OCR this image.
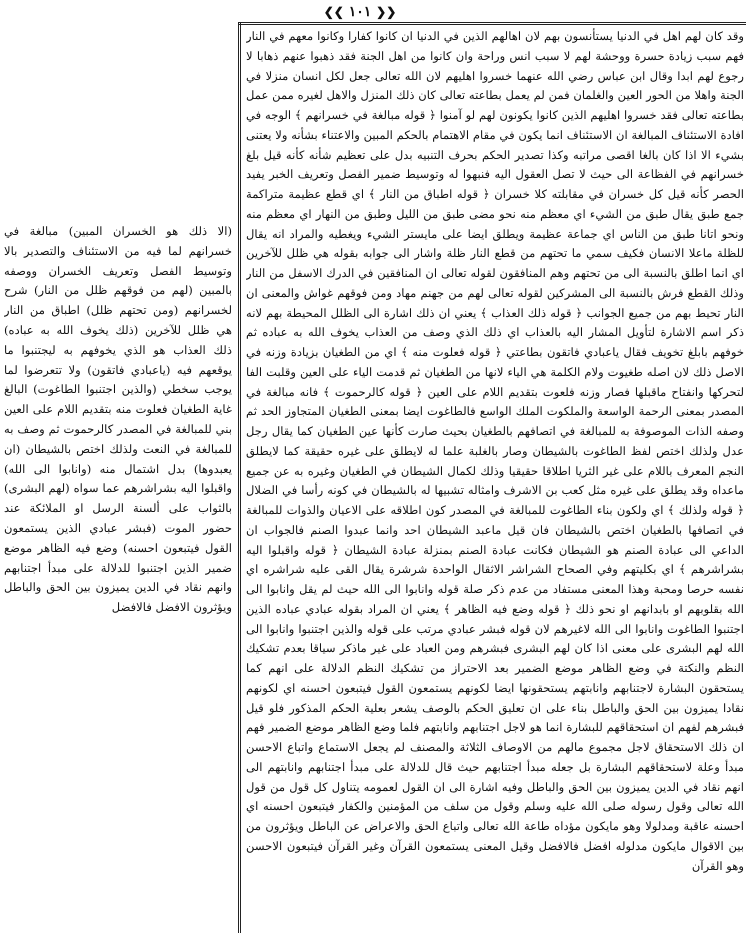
❮❮ ١٠١ ❯❯

وقد كان لهم اهل في الدنيا يستأنسون بهم لان اهالهم الذين في الدنيا ان كانوا كفارا وكانوا معهم في النار فهم سبب زيادة حسرة ووحشة لهم لا سبب انس وراحة وان كانوا من اهل الجنة فقد ذهبوا عنهم ذهابا لا رجوع لهم ابدا وقال ابن عباس رضي الله عنهما خسروا اهليهم لان الله تعالى جعل لكل انسان منزلا في الجنة واهلا من الحور العين والغلمان فمن لم يعمل بطاعته تعالى كان ذلك المنزل والاهل لغيره ممن عمل بطاعته تعالى فقد خسروا اهليهم الذين كانوا يكونون لهم لو آمنوا ﴿ قوله مبالغة في خسرانهم ﴾ الوجه في افادة الاستئناف المبالغة ان الاستئناف انما يكون في مقام الاهتمام بالحكم المبين والاعتناء بشأنه ولا يعتنى بشيء الا اذا كان بالغا اقصى مراتبه وكذا تصدير الحكم بحرف التنبيه بدل على تعظيم شأنه كأنه قيل بلغ خسرانهم في الفظاعة الى حيث لا تصل العقول اليه فنبهوا له وتوسيط ضمير الفصل وتعريف الخبر يفيد الحصر كأنه قيل كل خسران في مقابلته كلا خسران ﴿ قوله اطباق من النار ﴾ اي قطع عظيمة متراكمة جمع طبق يقال طبق من الشيء اي معظم منه نحو مضى طبق من الليل وطبق من النهار اي معظم منه ونحو اتانا طبق من الناس اي جماعة عظيمة ويطلق ايضا على مايستر الشيء ويغطيه والمراد انه يقال للظلة ماعلا الانسان فكيف سمي ما تحتهم من قطع النار ظلة واشار الى جوابه بقوله هي ظلل للآخرين اي انما اطلق بالنسبة الى من تحتهم وهم المنافقون لقوله تعالى ان المنافقين في الدرك الاسفل من النار وذلك القطع فرش بالنسبة الى المشركين لقوله تعالى لهم من جهنم مهاد ومن فوقهم غواش والمعنى ان النار تحيط بهم من جميع الجوانب ﴿ قوله ذلك العذاب ﴾ يعني ان ذلك اشارة الى الظلل المحيطة بهم لانه ذكر اسم الاشارة لتأويل المشار اليه بالعذاب اي ذلك الذي وصف من العذاب يخوف الله به عباده ثم خوفهم بابلغ تخويف فقال ياعبادي فاتقون بطاعتي ﴿ قوله فعلوت منه ﴾ اي من الطغيان بزيادة وزنه في الاصل ذلك لان اصله طغيوت ولام الكلمة هي الياء لانها من الطغيان ثم قدمت الياء على العين وقلبت الفا لتحركها وانفتاح ماقبلها فصار وزنه فلعوت بتقديم اللام على العين ﴿ قوله كالرحموت ﴾ فانه مبالغة في المصدر بمعنى الرحمة الواسعة والملكوت الملك الواسع فالطاغوت ايضا بمعنى الطغيان المتجاوز الحد ثم وصفه الذات الموصوفة به للمبالغة في اتصافهم بالطغيان بحيث صارت كأنها عين الطغيان كما يقال رجل عدل ولذلك اختص لفظ الطاغوت بالشيطان وصار بالغلبة علما له لايطلق على غيره حقيقة كما لايطلق النجم المعرف باللام على غير الثريا اطلاقا حقيقيا وذلك لكمال الشيطان في الطغيان وغيره به عن جميع ماعداه وقد يطلق على غيره مثل كعب بن الاشرف وامثاله تشبيها له بالشيطان في كونه رأسا في الضلال ﴿ قوله ولذلك ﴾ اي ولكون بناء الطاغوت للمبالغة في المصدر كون اطلاقه على الاعيان والذوات للمبالغة في اتصافها بالطغيان اختص بالشيطان فان قيل ماعبد الشيطان احد وانما عبدوا الصنم فالجواب ان الداعي الى عبادة الصنم هو الشيطان فكانت عبادة الصنم بمنزلة عبادة الشيطان ﴿ قوله واقبلوا اليه بشراشرهم ﴾ اي بكليتهم وفي الصحاح الشراشر الاثقال الواحدة شرشرة يقال القى عليه شراشره اي نفسه حرصا ومحبة وهذا المعنى مستفاد من عدم ذكر صلة قوله وانابوا الى الله حيث لم يقل وانابوا الى الله بقلوبهم او بابدانهم او نحو ذلك ﴿ قوله وضع فيه الظاهر ﴾ يعني ان المراد بقوله عبادي عباده الذين اجتنبوا الطاغوت وانابوا الى الله لاغيرهم لان قوله فبشر عبادي مرتب على قوله والذين اجتنبوا وانابوا الى الله لهم البشرى على معنى اذا كان لهم البشرى فبشرهم ومن العباد على غير ماذكر سياقا بعدم تشكيك النظم والنكتة في وضع الظاهر موضع الضمير بعد الاحتراز من تشكيك النظم الدلالة على انهم كما يستحقون البشارة لاجتنابهم وانابتهم يستحقونها ايضا لكونهم يستمعون القول فيتبعون احسنه اي لكونهم نقادا يميزون بين الحق والباطل بناء على ان تعليق الحكم بالوصف يشعر بعلية الحكم المذكور فلو قيل فبشرهم لفهم ان استحقاقهم للبشارة انما هو لاجل اجتنابهم وانابتهم فلما وضع الظاهر موضع الضمير فهم ان ذلك الاستحقاق لاجل مجموع مالهم من الاوصاف الثلاثة والمصنف لم يجعل الاستماع واتباع الاحسن مبدأ وعلة لاستحقاقهم البشارة بل جعله مبدأ اجتنابهم حيث قال للدلالة على مبدأ اجتنابهم وانابتهم الى انهم نقاد في الدين يميزون بين الحق والباطل وفيه اشارة الى ان القول لعمومه يتناول كل قول من قول الله تعالى وقول رسوله صلى الله عليه وسلم وقول من سلف من المؤمنين والكفار فيتبعون احسنه اي احسنه عاقبة ومدلولا وهو مايكون مؤداه طاعة الله تعالى واتباع الحق والاعراض عن الباطل ويؤثرون من بين الاقوال مايكون مدلوله افضل فالافضل وقيل المعنى يستمعون القرآن وغير القرآن فيتبعون الاحسن وهو القرآن

(الا ذلك هو الخسران المبين) مبالغة في خسرانهم لما فيه من الاستئناف والتصدير بالا وتوسيط الفصل وتعريف الخسران ووصفه بالمبين (لهم من فوقهم ظلل من النار) شرح لخسرانهم (ومن تحتهم ظلل) اطباق من النار هي ظلل للآخرين (ذلك يخوف الله به عباده) ذلك العذاب هو الذي يخوفهم به ليجتنبوا ما يوقعهم فيه (ياعبادي فاتقون) ولا تتعرضوا لما يوجب سخطي (والذين اجتنبوا الطاغوت) البالغ غاية الطغيان فعلوت منه بتقديم اللام على العين بني للمبالغة في المصدر كالرحموت ثم وصف به للمبالغة في النعت ولذلك اختص بالشيطان (ان يعبدوها) بدل اشتمال منه (وانابوا الى الله) واقبلوا اليه بشراشرهم عما سواه (لهم البشرى) بالثواب على ألسنة الرسل او الملائكة عند حضور الموت (فبشر عبادي الذين يستمعون القول فيتبعون احسنه) وضع فيه الظاهر موضع ضمير الذين اجتنبوا للدلالة على مبدأ اجتنابهم وانهم نقاد في الدين يميزون بين الحق والباطل ويؤثرون الافضل فالافضل
